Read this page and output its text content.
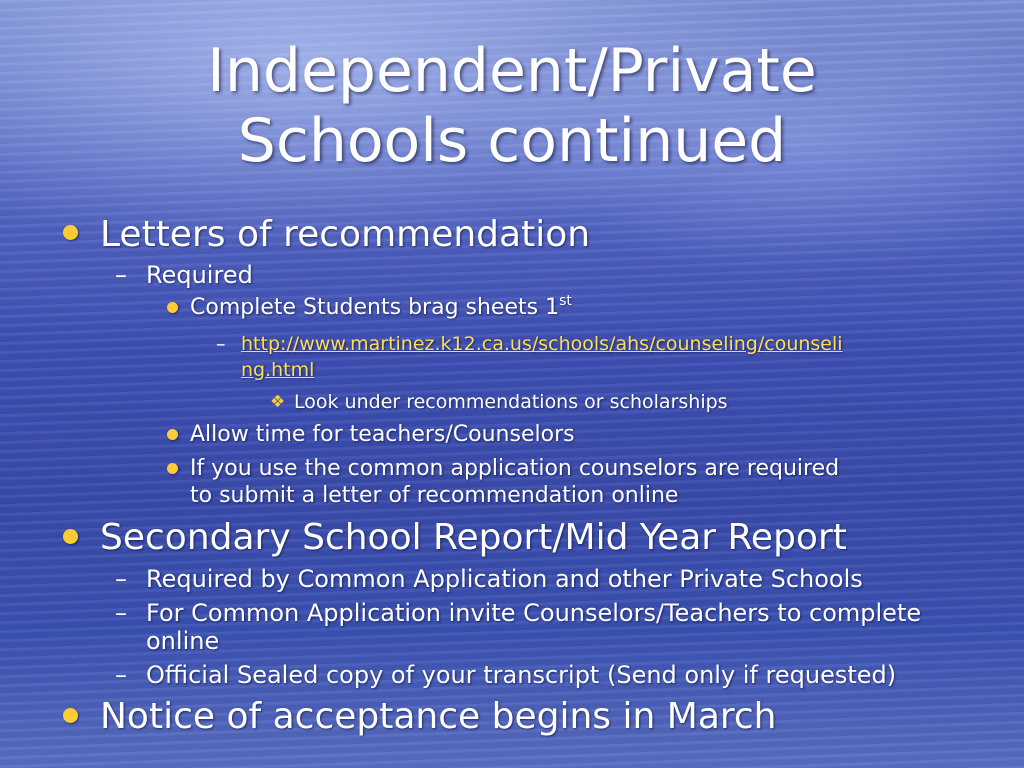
Independent/Private
Schools continued
Letters of recommendation
– Required
Complete Students brag sheets 1st
– http://www.martinez.k12.ca.us/schools/ahs/counseling/counseli
ng.html
❖ Look under recommendations or scholarships
Allow time for teachers/Counselors
If you use the common application counselors are required
to submit a letter of recommendation online
Secondary School Report/Mid Year Report
– Required by Common Application and other Private Schools
– For Common Application invite Counselors/Teachers to complete
online
– Official Sealed copy of your transcript (Send only if requested)
Notice of acceptance begins in March
